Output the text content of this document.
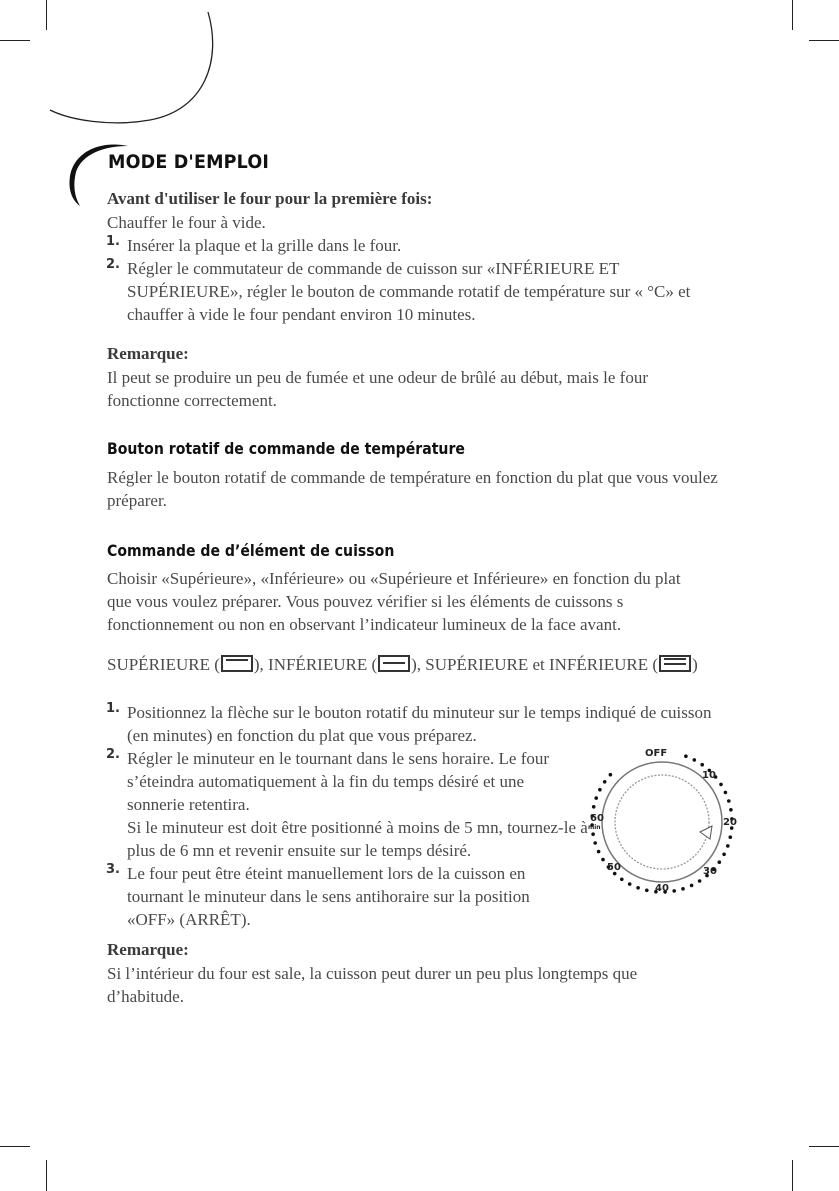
MODE D'EMPLOI
Avant d'utiliser le four pour la première fois:
Chauffer le four à vide.
1. Insérer la plaque et la grille dans le four.
2. Régler le commutateur de commande de cuisson sur «INFÉRIEURE ET SUPÉRIEURE», régler le bouton de commande rotatif de température sur « °C» et chauffer à vide le four pendant environ 10 minutes.
Remarque:
Il peut se produire un peu de fumée et une odeur de brûlé au début, mais le four fonctionne correctement.
Bouton rotatif de commande de température
Régler le bouton rotatif de commande de température en fonction du plat que vous voulez préparer.
Commande de d’élément de cuisson
Choisir «Supérieure», «Inférieure» ou «Supérieure et Inférieure» en fonction du plat que vous voulez préparer. Vous pouvez vérifier si les éléments de cuissons s fonctionnement ou non en observant l’indicateur lumineux de la face avant.
SUPÉRIEURE ( ), INFÉRIEURE ( ), SUPÉRIEURE et INFÉRIEURE ( )
1. Positionnez la flèche sur le bouton rotatif du minuteur sur le temps indiqué de cuisson (en minutes) en fonction du plat que vous préparez.
2. Régler le minuteur en le tournant dans le sens horaire. Le four s’éteindra automatiquement à la fin du temps désiré et une sonnerie retentira.
Si le minuteur est doit être positionné à moins de 5 mn, tournez-le à plus de 6 mn et revenir ensuite sur le temps désiré.
3. Le four peut être éteint manuellement lors de la cuisson en tournant le minuteur dans le sens antihoraire sur la position «OFF» (ARRÊT).
OFF
10
20
30
40
50
60
min
Remarque:
Si l’intérieur du four est sale, la cuisson peut durer un peu plus longtemps que d’habitude.
